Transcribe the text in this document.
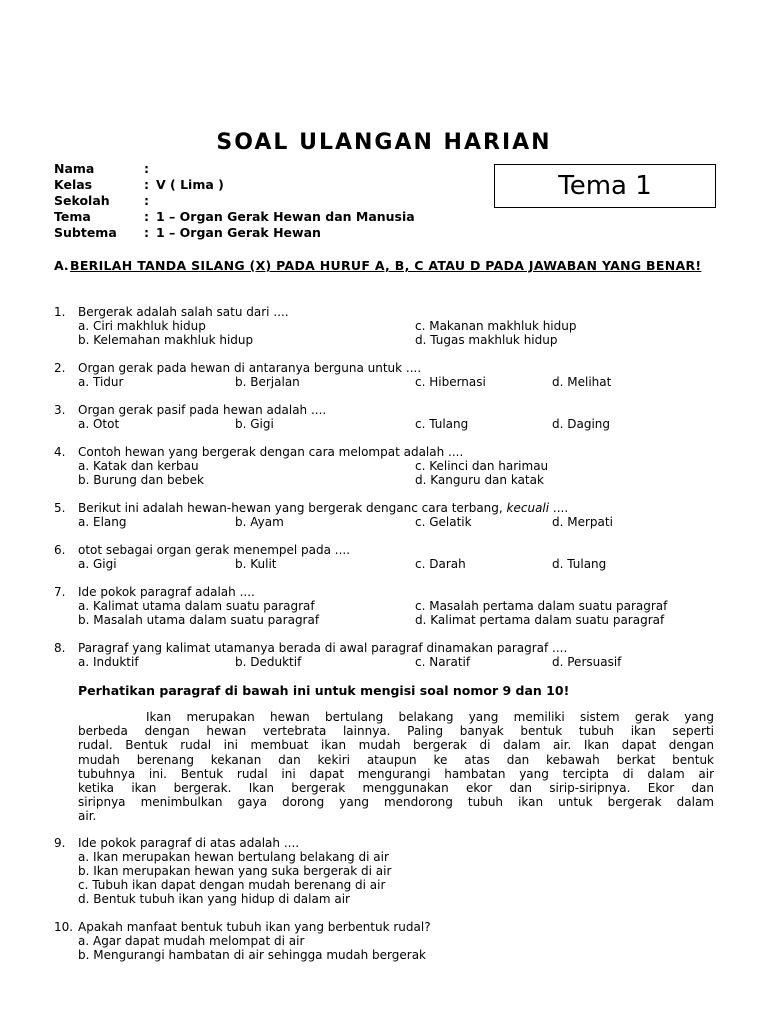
SOAL ULANGAN HARIAN
Nama	:
Kelas	: V ( Lima )
Sekolah	:
Tema	: 1 – Organ Gerak Hewan dan Manusia
Subtema : 1 – Organ Gerak Hewan
Tema 1
A. BERILAH TANDA SILANG (X) PADA HURUF A, B, C ATAU D PADA JAWABAN YANG BENAR!
1. Bergerak adalah salah satu dari ....
a. Ciri makhluk hidup	c. Makanan makhluk hidup
b. Kelemahan makhluk hidup	d. Tugas makhluk hidup
2. Organ gerak pada hewan di antaranya berguna untuk ....
a. Tidur	b. Berjalan	c. Hibernasi	d. Melihat
3. Organ gerak pasif pada hewan adalah ....
a. Otot	b. Gigi	c. Tulang	d. Daging
4. Contoh hewan yang bergerak dengan cara melompat adalah ....
a. Katak dan kerbau	c. Kelinci dan harimau
b. Burung dan bebek	d. Kanguru dan katak
5. Berikut ini adalah hewan-hewan yang bergerak denganc cara terbang, kecuali ....
a. Elang	b. Ayam	c. Gelatik	d. Merpati
6. otot sebagai organ gerak menempel pada ....
a. Gigi	b. Kulit	c. Darah	d. Tulang
7. Ide pokok paragraf adalah ....
a. Kalimat utama dalam suatu paragraf	c. Masalah pertama dalam suatu paragraf
b. Masalah utama dalam suatu paragraf	d. Kalimat pertama dalam suatu paragraf
8. Paragraf yang kalimat utamanya berada di awal paragraf dinamakan paragraf ....
a. Induktif	b. Deduktif	c. Naratif	d. Persuasif
Perhatikan paragraf di bawah ini untuk mengisi soal nomor 9 dan 10!
Ikan merupakan hewan bertulang belakang yang memiliki sistem gerak yang
berbeda dengan hewan vertebrata lainnya. Paling banyak bentuk tubuh ikan seperti
rudal. Bentuk rudal ini membuat ikan mudah bergerak di dalam air. Ikan dapat dengan
mudah berenang kekanan dan kekiri ataupun ke atas dan kebawah berkat bentuk
tubuhnya ini. Bentuk rudal ini dapat mengurangi hambatan yang tercipta di dalam air
ketika ikan bergerak. Ikan bergerak menggunakan ekor dan sirip-siripnya. Ekor dan
siripnya menimbulkan gaya dorong yang mendorong tubuh ikan untuk bergerak dalam
air.
9. Ide pokok paragraf di atas adalah ....
a. Ikan merupakan hewan bertulang belakang di air
b. Ikan merupakan hewan yang suka bergerak di air
c. Tubuh ikan dapat dengan mudah berenang di air
d. Bentuk tubuh ikan yang hidup di dalam air
10. Apakah manfaat bentuk tubuh ikan yang berbentuk rudal?
a. Agar dapat mudah melompat di air
b. Mengurangi hambatan di air sehingga mudah bergerak
